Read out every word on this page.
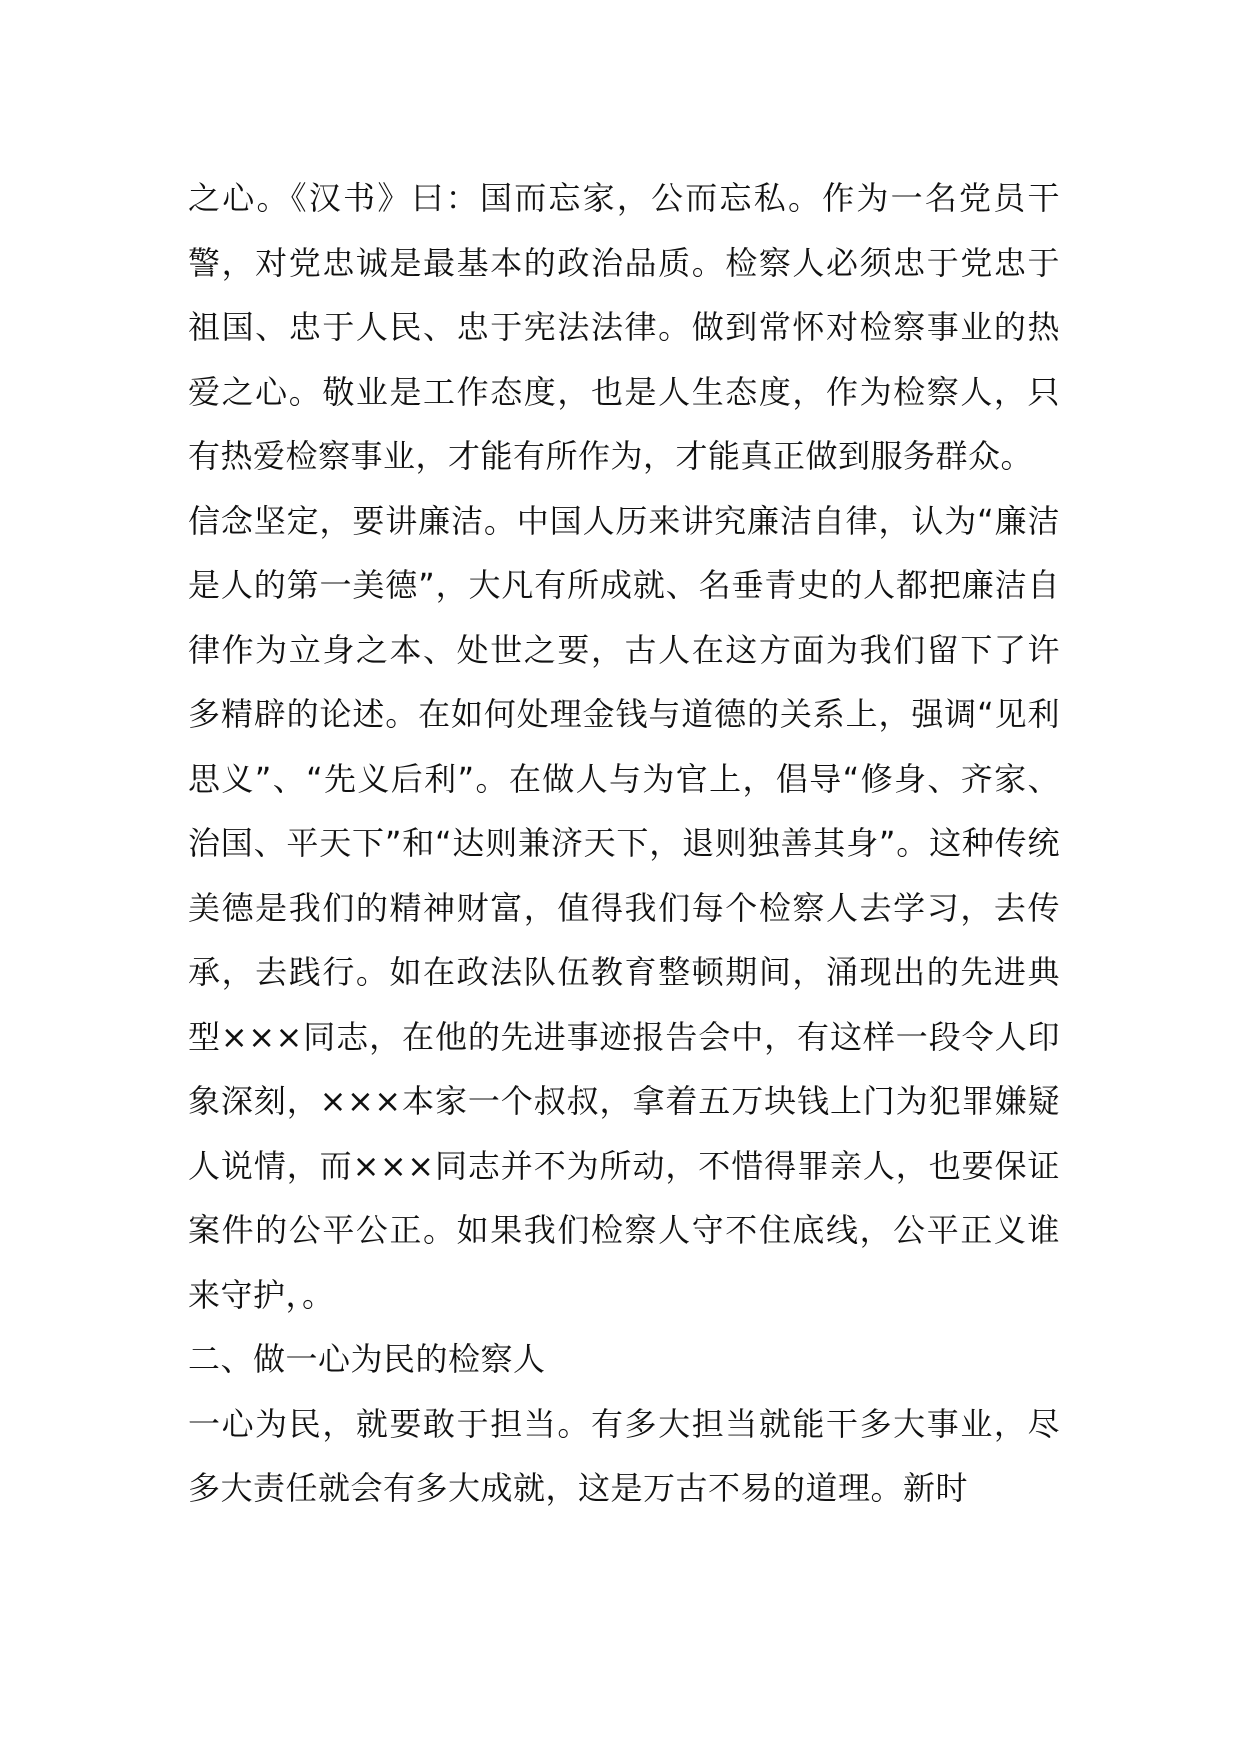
之心。《汉书》曰：国而忘家，公而忘私。作为一名党员干警，对党忠诚是最基本的政治品质。检察人必须忠于党忠于祖国、忠于人民、忠于宪法法律。做到常怀对检察事业的热爱之心。敬业是工作态度，也是人生态度，作为检察人，只有热爱检察事业，才能有所作为，才能真正做到服务群众。

信念坚定，要讲廉洁。中国人历来讲究廉洁自律，认为“廉洁是人的第一美德”，大凡有所成就、名垂青史的人都把廉洁自律作为立身之本、处世之要，古人在这方面为我们留下了许多精辟的论述。在如何处理金钱与道德的关系上，强调“见利思义”、“先义后利”。在做人与为官上，倡导“修身、齐家、治国、平天下”和“达则兼济天下，退则独善其身”。这种传统美德是我们的精神财富，值得我们每个检察人去学习，去传承，去践行。如在政法队伍教育整顿期间，涌现出的先进典型×××同志，在他的先进事迹报告会中，有这样一段令人印象深刻，×××本家一个叔叔，拿着五万块钱上门为犯罪嫌疑人说情，而×××同志并不为所动，不惜得罪亲人，也要保证案件的公平公正。如果我们检察人守不住底线，公平正义谁来守护，。

二、做一心为民的检察人

一心为民，就要敢于担当。有多大担当就能干多大事业，尽多大责任就会有多大成就，这是万古不易的道理。新时
